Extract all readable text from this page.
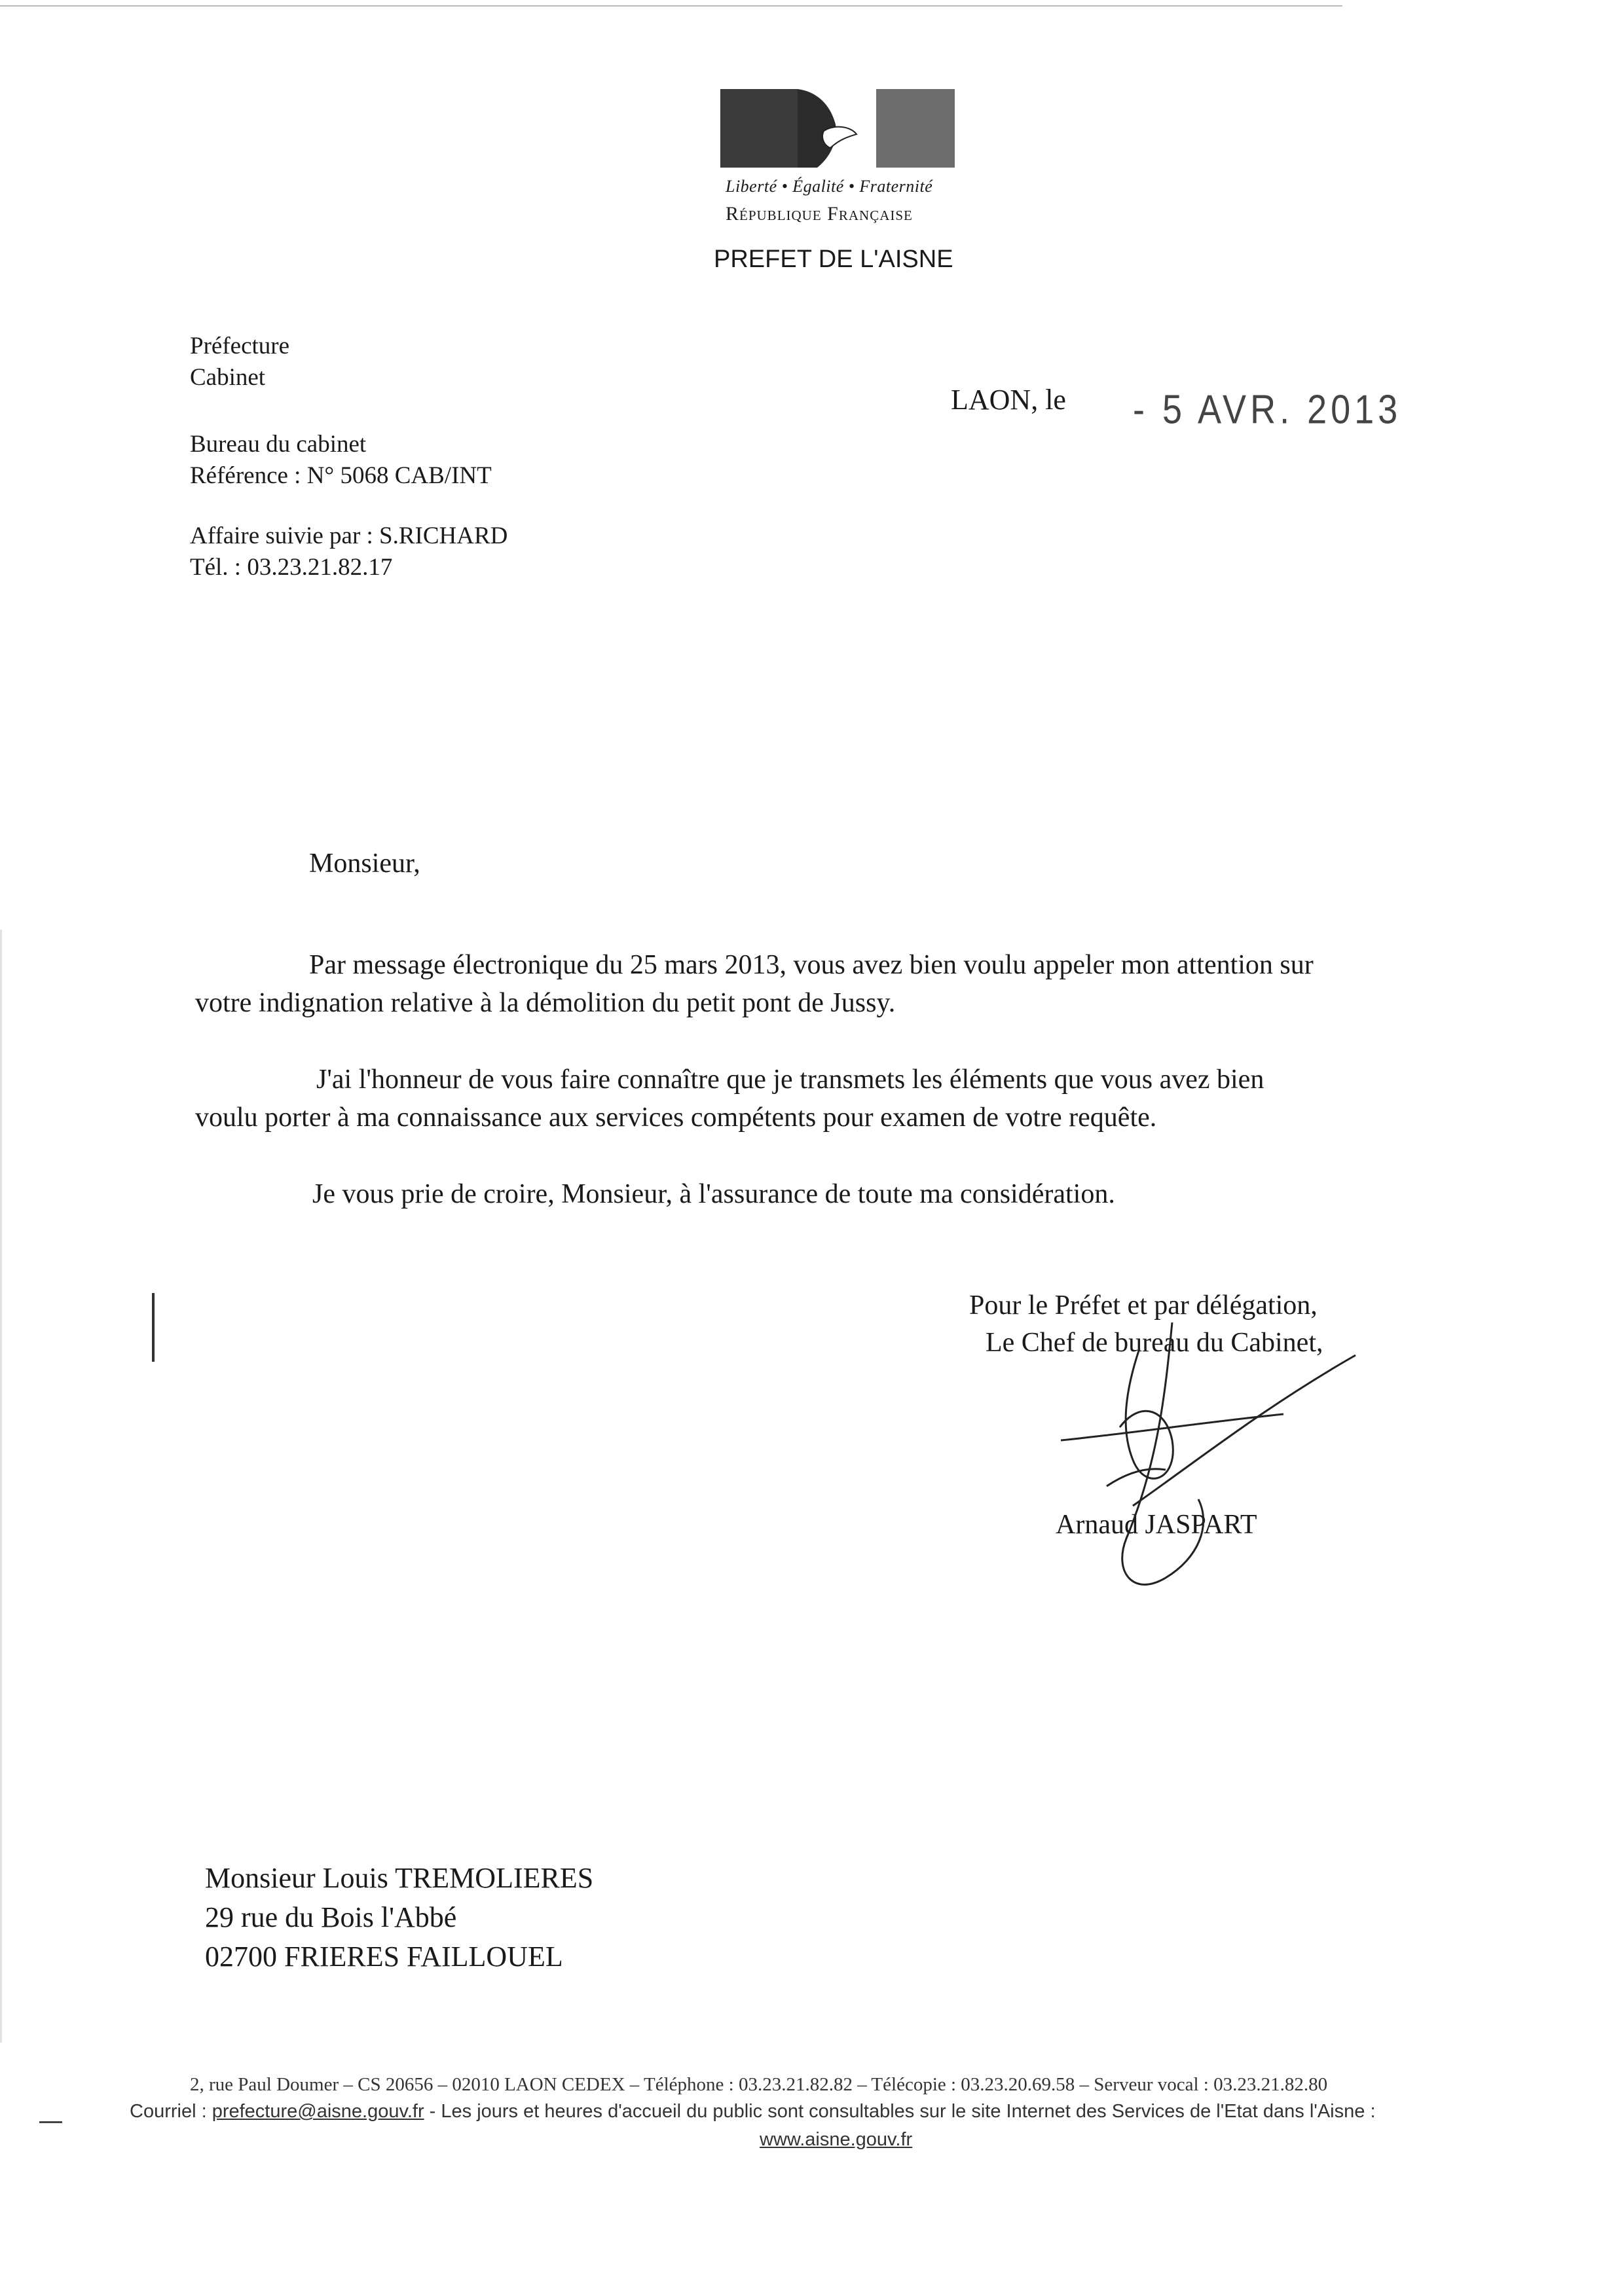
Liberté • Égalité • Fraternité
République Française
PREFET DE L'AISNE
Préfecture
Cabinet
Bureau du cabinet
Référence : N° 5068 CAB/INT
Affaire suivie par : S.RICHARD
Tél. : 03.23.21.82.17
LAON, le - 5 AVR. 2013
Monsieur,
Par message électronique du 25 mars 2013, vous avez bien voulu appeler mon attention sur
votre indignation relative à la démolition du petit pont de Jussy.
J'ai l'honneur de vous faire connaître que je transmets les éléments que vous avez bien
voulu porter à ma connaissance aux services compétents pour examen de votre requête.
Je vous prie de croire, Monsieur, à l'assurance de toute ma considération.
Pour le Préfet et par délégation,
Le Chef de bureau du Cabinet,
Arnaud JASPART
Monsieur Louis TREMOLIERES
29 rue du Bois l'Abbé
02700 FRIERES FAILLOUEL
2, rue Paul Doumer – CS 20656 – 02010 LAON CEDEX – Téléphone : 03.23.21.82.82 – Télécopie : 03.23.20.69.58 – Serveur vocal : 03.23.21.82.80
Courriel : prefecture@aisne.gouv.fr - Les jours et heures d'accueil du public sont consultables sur le site Internet des Services de l'Etat dans l'Aisne :
www.aisne.gouv.fr
